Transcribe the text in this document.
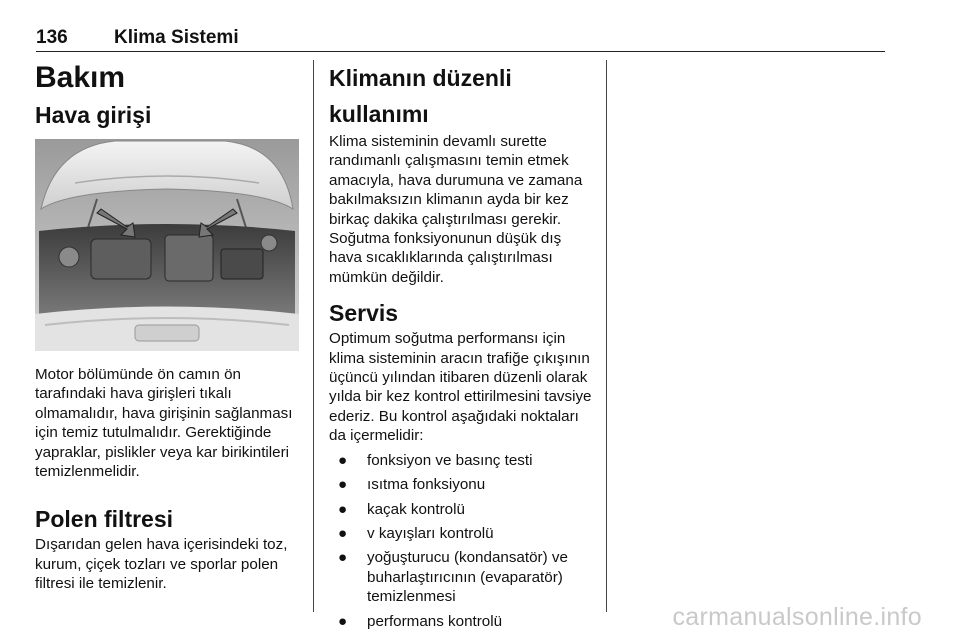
136 Klima Sistemi
Bakım
Hava girişi

Motor bölümünde ön camın ön tarafındaki hava girişleri tıkalı olmamalıdır, hava girişinin sağlanması için temiz tutulmalıdır. Gerektiğinde yapraklar, pislikler veya kar birikintileri temizlenmelidir.

Polen filtresi

Dışarıdan gelen hava içerisindeki toz, kurum, çiçek tozları ve sporlar polen filtresi ile temizlenir.

Klimanın düzenli kullanımı

Klima sisteminin devamlı surette randımanlı çalışmasını temin etmek amacıyla, hava durumuna ve zamana bakılmaksızın klimanın ayda bir kez birkaç dakika çalıştırılması gerekir. Soğutma fonksiyonunun düşük dış hava sıcaklıklarında çalıştırılması mümkün değildir.

Servis

Optimum soğutma performansı için klima sisteminin aracın trafiğe çıkışının üçüncü yılından itibaren düzenli olarak yılda bir kez kontrol ettirilmesini tavsiye ederiz. Bu kontrol aşağıdaki noktaları da içermelidir:

● fonksiyon ve basınç testi
● ısıtma fonksiyonu
● kaçak kontrolü
● v kayışları kontrolü
● yoğuşturucu (kondansatör) ve buharlaştırıcının (evaparatör) temizlenmesi
● performans kontrolü	carmanualsonline.info
